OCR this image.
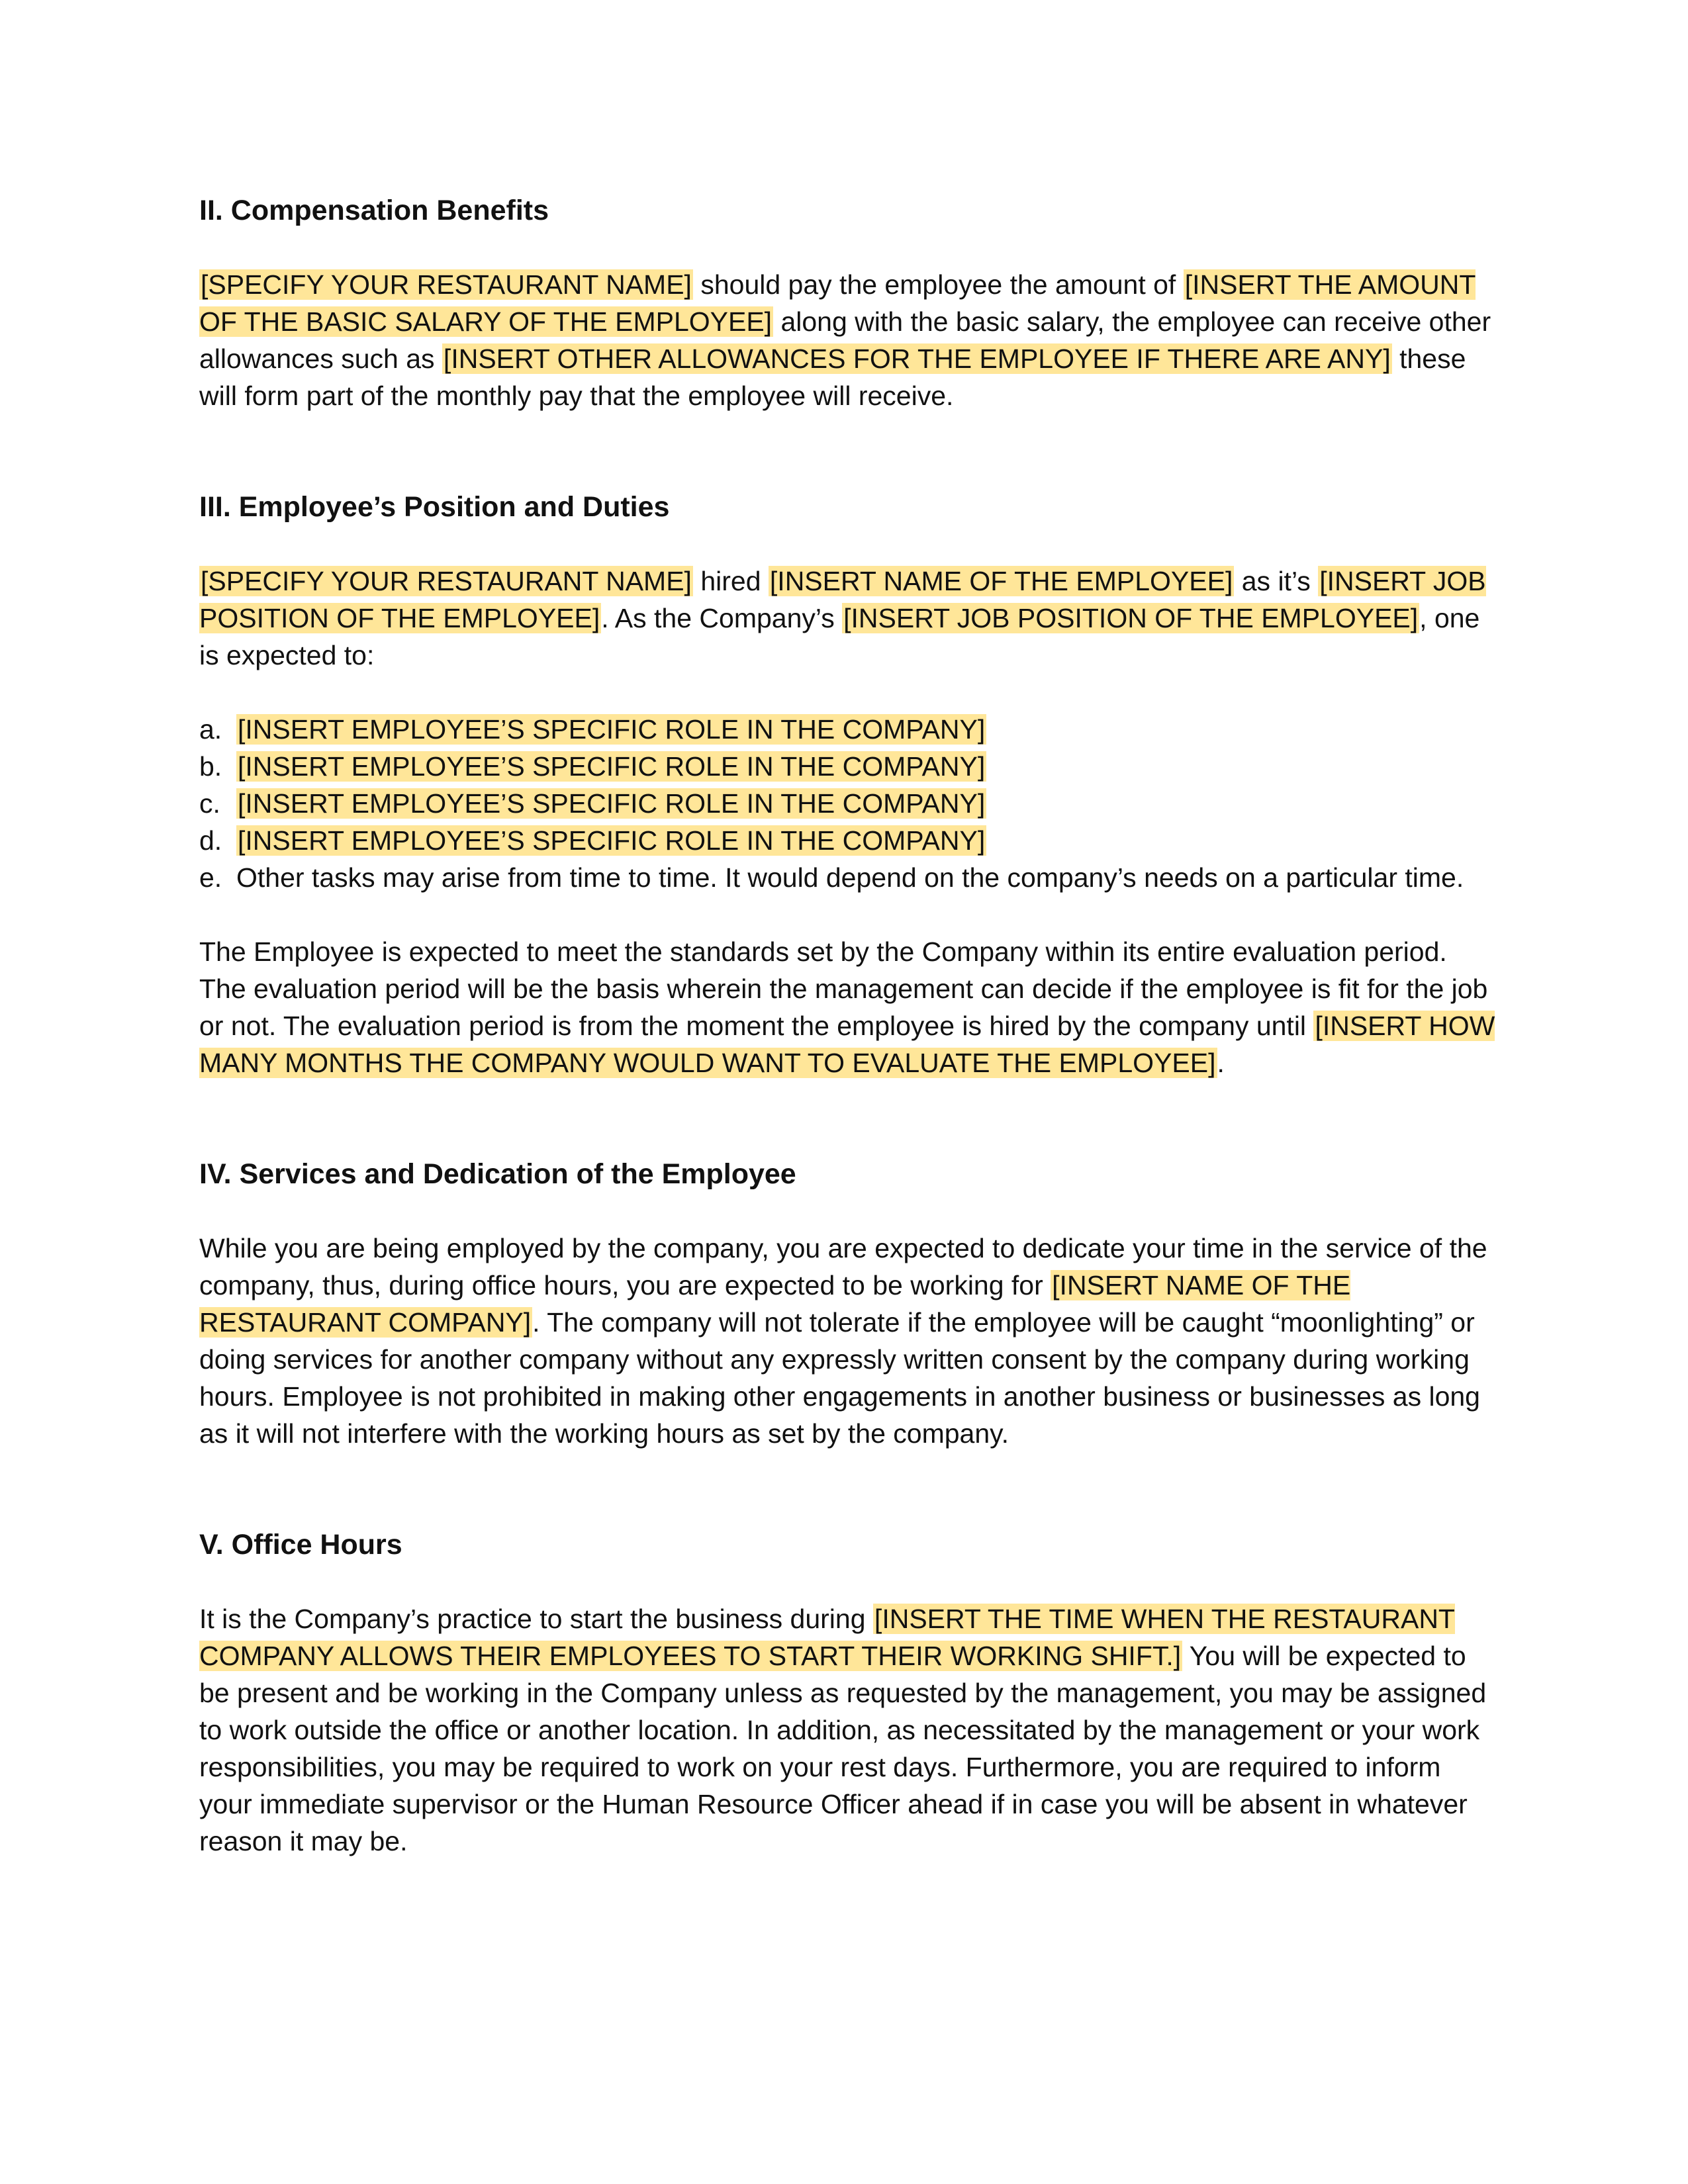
II. Compensation Benefits

[SPECIFY YOUR RESTAURANT NAME] should pay the employee the amount of [INSERT THE AMOUNT OF THE BASIC SALARY OF THE EMPLOYEE] along with the basic salary, the employee can receive other allowances such as [INSERT OTHER ALLOWANCES FOR THE EMPLOYEE IF THERE ARE ANY] these will form part of the monthly pay that the employee will receive.

III. Employee’s Position and Duties

[SPECIFY YOUR RESTAURANT NAME] hired [INSERT NAME OF THE EMPLOYEE] as it’s [INSERT JOB POSITION OF THE EMPLOYEE]. As the Company’s [INSERT JOB POSITION OF THE EMPLOYEE], one is expected to:

a. [INSERT EMPLOYEE’S SPECIFIC ROLE IN THE COMPANY]
b. [INSERT EMPLOYEE’S SPECIFIC ROLE IN THE COMPANY]
c. [INSERT EMPLOYEE’S SPECIFIC ROLE IN THE COMPANY]
d. [INSERT EMPLOYEE’S SPECIFIC ROLE IN THE COMPANY]
e. Other tasks may arise from time to time. It would depend on the company’s needs on a particular time.

The Employee is expected to meet the standards set by the Company within its entire evaluation period. The evaluation period will be the basis wherein the management can decide if the employee is fit for the job or not. The evaluation period is from the moment the employee is hired by the company until [INSERT HOW MANY MONTHS THE COMPANY WOULD WANT TO EVALUATE THE EMPLOYEE].

IV. Services and Dedication of the Employee

While you are being employed by the company, you are expected to dedicate your time in the service of the company, thus, during office hours, you are expected to be working for [INSERT NAME OF THE RESTAURANT COMPANY]. The company will not tolerate if the employee will be caught “moonlighting” or doing services for another company without any expressly written consent by the company during working hours. Employee is not prohibited in making other engagements in another business or businesses as long as it will not interfere with the working hours as set by the company.

V. Office Hours

It is the Company’s practice to start the business during [INSERT THE TIME WHEN THE RESTAURANT COMPANY ALLOWS THEIR EMPLOYEES TO START THEIR WORKING SHIFT.] You will be expected to be present and be working in the Company unless as requested by the management, you may be assigned to work outside the office or another location. In addition, as necessitated by the management or your work responsibilities, you may be required to work on your rest days. Furthermore, you are required to inform your immediate supervisor or the Human Resource Officer ahead if in case you will be absent in whatever reason it may be.
